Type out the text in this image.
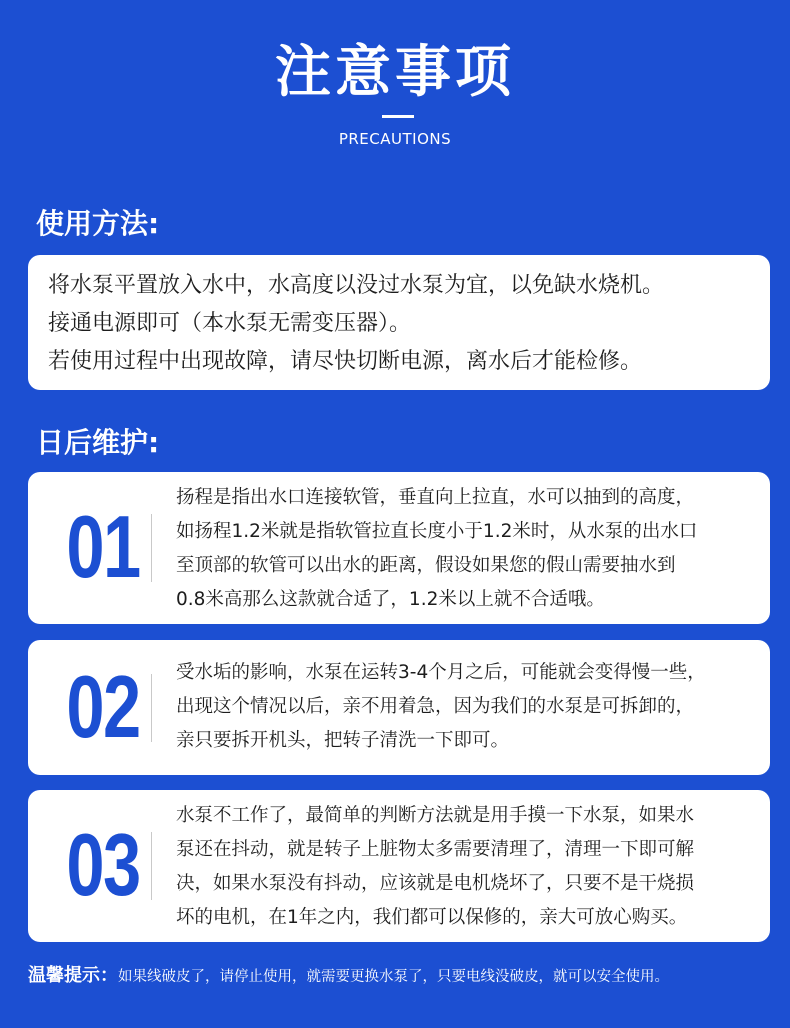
注意事项
PRECAUTIONS
使用方法:
将水泵平置放入水中，水高度以没过水泵为宜，以免缺水烧机。
接通电源即可（本水泵无需变压器）。
若使用过程中出现故障，请尽快切断电源，离水后才能检修。
日后维护:
01	扬程是指出水口连接软管，垂直向上拉直，水可以抽到的高度，
如扬程1.2米就是指软管拉直长度小于1.2米时，从水泵的出水口
至顶部的软管可以出水的距离，假设如果您的假山需要抽水到
0.8米高那么这款就合适了，1.2米以上就不合适哦。
02	受水垢的影响，水泵在运转3-4个月之后，可能就会变得慢一些，
出现这个情况以后，亲不用着急，因为我们的水泵是可拆卸的，
亲只要拆开机头，把转子清洗一下即可。
03	水泵不工作了，最简单的判断方法就是用手摸一下水泵，如果水
泵还在抖动，就是转子上脏物太多需要清理了，清理一下即可解
决，如果水泵没有抖动，应该就是电机烧坏了，只要不是干烧损
坏的电机，在1年之内，我们都可以保修的，亲大可放心购买。
温馨提示：如果线破皮了，请停止使用，就需要更换水泵了，只要电线没破皮，就可以安全使用。
